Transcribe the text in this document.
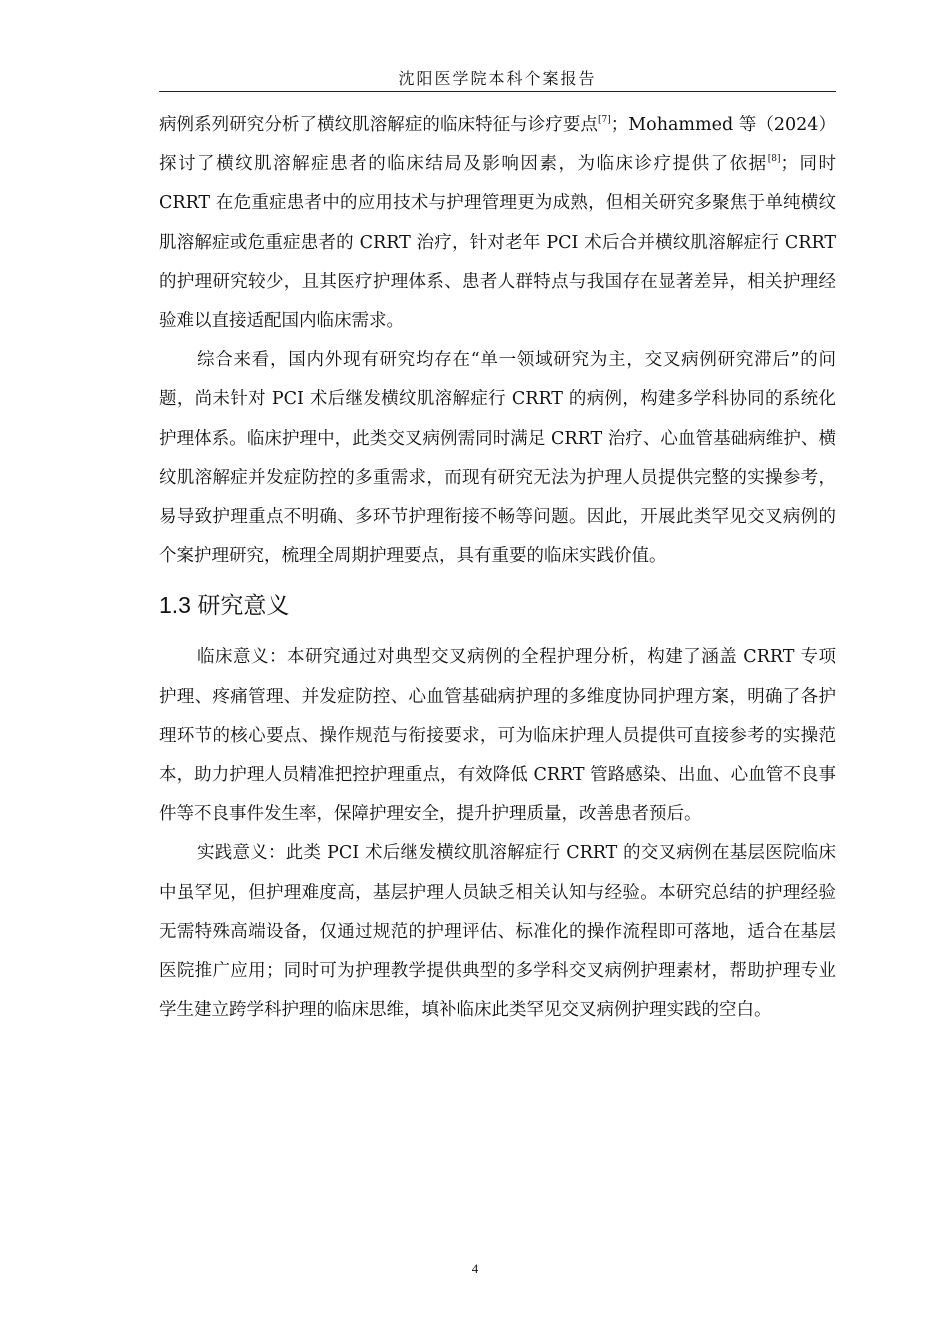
沈阳医学院本科个案报告

病例系列研究分析了横纹肌溶解症的临床特征与诊疗要点[7]；Mohammed 等（2024）探讨了横纹肌溶解症患者的临床结局及影响因素，为临床诊疗提供了依据[8]；同时 CRRT 在危重症患者中的应用技术与护理管理更为成熟，但相关研究多聚焦于单纯横纹肌溶解症或危重症患者的 CRRT 治疗，针对老年 PCI 术后合并横纹肌溶解症行 CRRT 的护理研究较少，且其医疗护理体系、患者人群特点与我国存在显著差异，相关护理经验难以直接适配国内临床需求。

综合来看，国内外现有研究均存在“单一领域研究为主，交叉病例研究滞后”的问题，尚未针对 PCI 术后继发横纹肌溶解症行 CRRT 的病例，构建多学科协同的系统化护理体系。临床护理中，此类交叉病例需同时满足 CRRT 治疗、心血管基础病维护、横纹肌溶解症并发症防控的多重需求，而现有研究无法为护理人员提供完整的实操参考，易导致护理重点不明确、多环节护理衔接不畅等问题。因此，开展此类罕见交叉病例的个案护理研究，梳理全周期护理要点，具有重要的临床实践价值。

1.3 研究意义

临床意义：本研究通过对典型交叉病例的全程护理分析，构建了涵盖 CRRT 专项护理、疼痛管理、并发症防控、心血管基础病护理的多维度协同护理方案，明确了各护理环节的核心要点、操作规范与衔接要求，可为临床护理人员提供可直接参考的实操范本，助力护理人员精准把控护理重点，有效降低 CRRT 管路感染、出血、心血管不良事件等不良事件发生率，保障护理安全，提升护理质量，改善患者预后。

实践意义：此类 PCI 术后继发横纹肌溶解症行 CRRT 的交叉病例在基层医院临床中虽罕见，但护理难度高，基层护理人员缺乏相关认知与经验。本研究总结的护理经验无需特殊高端设备，仅通过规范的护理评估、标准化的操作流程即可落地，适合在基层医院推广应用；同时可为护理教学提供典型的多学科交叉病例护理素材，帮助护理专业学生建立跨学科护理的临床思维，填补临床此类罕见交叉病例护理实践的空白。

4
